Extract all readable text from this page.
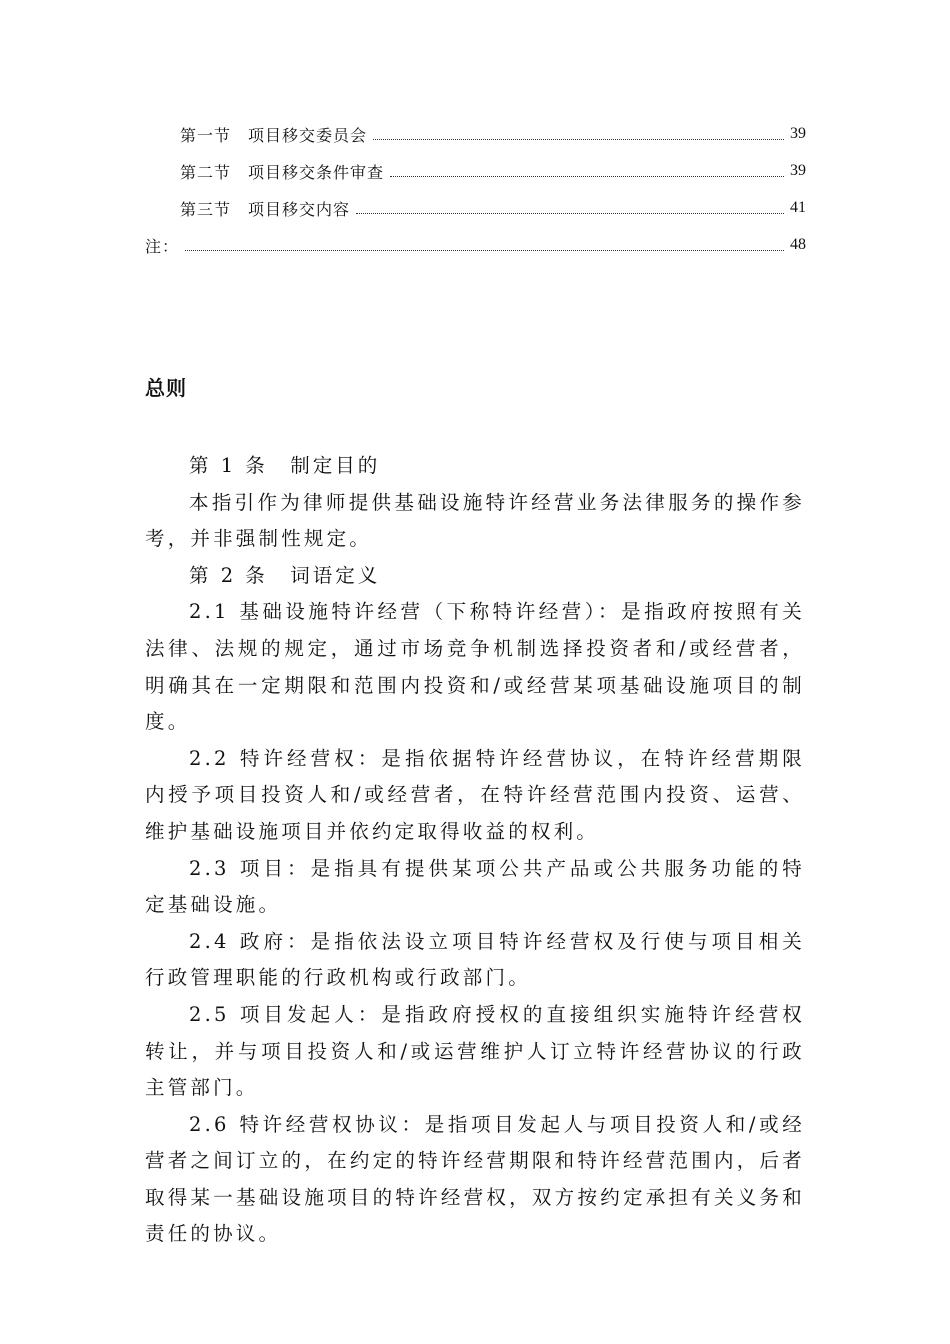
第一节　项目移交委员会	39
第二节　项目移交条件审查	39
第三节　项目移交内容	41
注：	48
总则

第 1 条　制定目的

本指引作为律师提供基础设施特许经营业务法律服务的操作参考，并非强制性规定。

第 2 条　词语定义

2.1 基础设施特许经营（下称特许经营）：是指政府按照有关法律、法规的规定，通过市场竞争机制选择投资者和/或经营者，明确其在一定期限和范围内投资和/或经营某项基础设施项目的制度。

2.2 特许经营权：是指依据特许经营协议，在特许经营期限内授予项目投资人和/或经营者，在特许经营范围内投资、运营、维护基础设施项目并依约定取得收益的权利。

2.3 项目：是指具有提供某项公共产品或公共服务功能的特定基础设施。

2.4 政府：是指依法设立项目特许经营权及行使与项目相关行政管理职能的行政机构或行政部门。

2.5 项目发起人：是指政府授权的直接组织实施特许经营权转让，并与项目投资人和/或运营维护人订立特许经营协议的行政主管部门。

2.6 特许经营权协议：是指项目发起人与项目投资人和/或经营者之间订立的，在约定的特许经营期限和特许经营范围内，后者取得某一基础设施项目的特许经营权，双方按约定承担有关义务和责任的协议。
